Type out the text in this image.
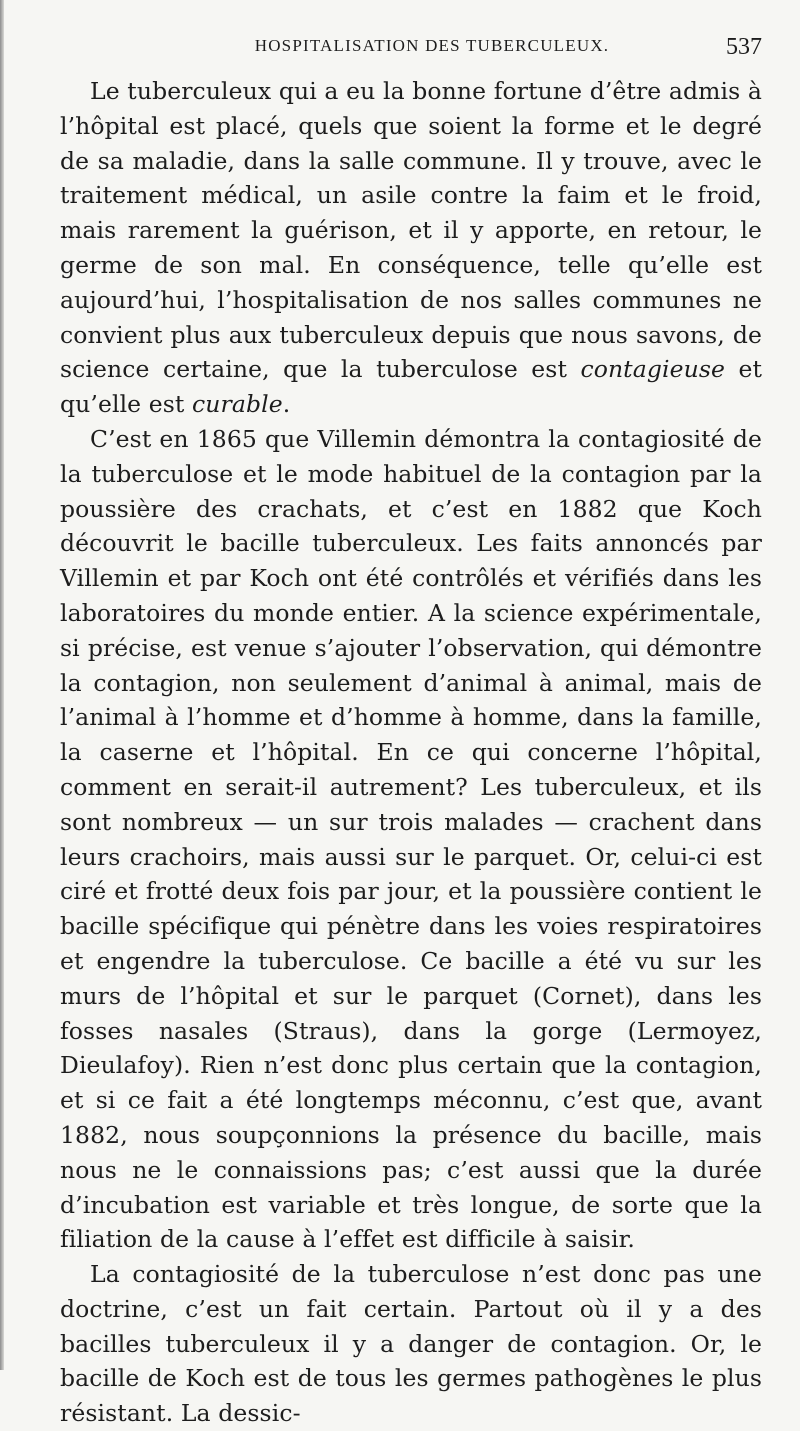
HOSPITALISATION DES TUBERCULEUX.	537

Le tuberculeux qui a eu la bonne fortune d’être admis à l’hôpital est placé, quels que soient la forme et le degré de sa maladie, dans la salle commune. Il y trouve, avec le traitement médical, un asile contre la faim et le froid, mais rarement la guérison, et il y apporte, en retour, le germe de son mal. En conséquence, telle qu’elle est aujourd’hui, l’hospitalisation de nos salles communes ne convient plus aux tuberculeux depuis que nous savons, de science certaine, que la tuberculose est contagieuse et qu’elle est curable.

C’est en 1865 que Villemin démontra la contagiosité de la tuberculose et le mode habituel de la contagion par la poussière des crachats, et c’est en 1882 que Koch découvrit le bacille tuberculeux. Les faits annoncés par Villemin et par Koch ont été contrôlés et vérifiés dans les laboratoires du monde entier. A la science expérimentale, si précise, est venue s’ajouter l’observation, qui démontre la contagion, non seulement d’animal à animal, mais de l’animal à l’homme et d’homme à homme, dans la famille, la caserne et l’hôpital. En ce qui concerne l’hôpital, comment en serait-il autrement? Les tuberculeux, et ils sont nombreux — un sur trois malades — crachent dans leurs crachoirs, mais aussi sur le parquet. Or, celui-ci est ciré et frotté deux fois par jour, et la poussière contient le bacille spécifique qui pénètre dans les voies respiratoires et engendre la tuberculose. Ce bacille a été vu sur les murs de l’hôpital et sur le parquet (Cornet), dans les fosses nasales (Straus), dans la gorge (Lermoyez, Dieulafoy). Rien n’est donc plus certain que la contagion, et si ce fait a été longtemps méconnu, c’est que, avant 1882, nous soupçonnions la présence du bacille, mais nous ne le connaissions pas; c’est aussi que la durée d’incubation est variable et très longue, de sorte que la filiation de la cause à l’effet est difficile à saisir.

La contagiosité de la tuberculose n’est donc pas une doctrine, c’est un fait certain. Partout où il y a des bacilles tuberculeux il y a danger de contagion. Or, le bacille de Koch est de tous les germes pathogènes le plus résistant. La dessic-
